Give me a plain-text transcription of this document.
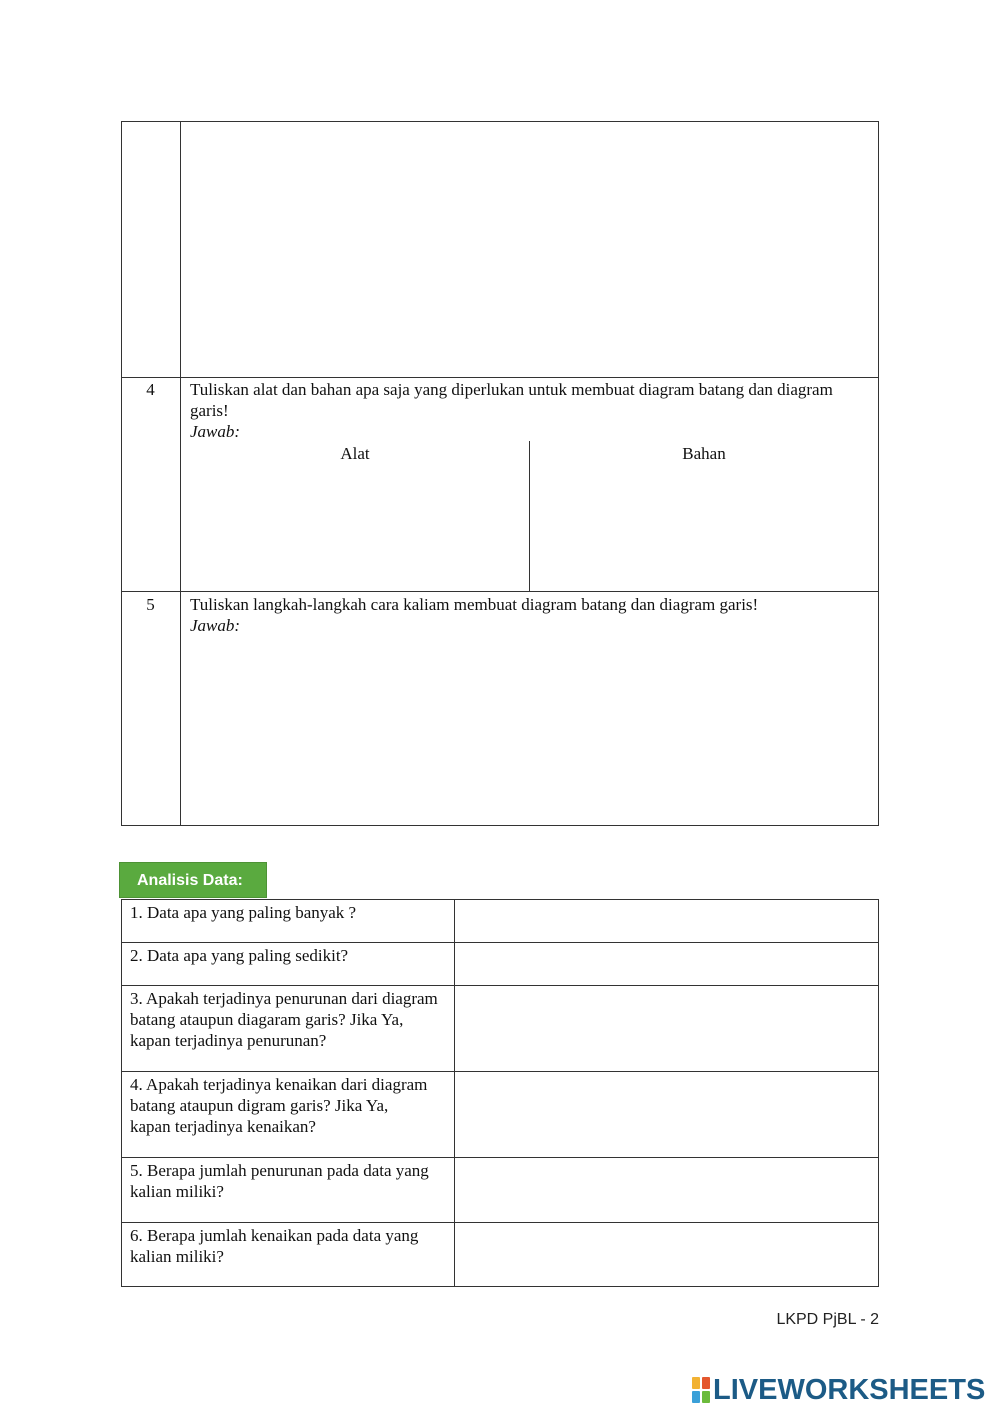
4	Tuliskan alat dan bahan apa saja yang diperlukan untuk membuat diagram batang dan diagram garis!
Jawab:
Alat	Bahan
5	Tuliskan langkah-langkah cara kaliam membuat diagram batang dan diagram garis!
Jawab:
Analisis Data:
1. Data apa yang paling banyak ?
2. Data apa yang paling sedikit?
3. Apakah terjadinya penurunan dari diagram batang ataupun diagaram garis? Jika Ya, kapan terjadinya penurunan?
4. Apakah terjadinya kenaikan dari diagram batang ataupun digram garis? Jika Ya, kapan terjadinya kenaikan?
5. Berapa jumlah penurunan pada data yang kalian miliki?
6. Berapa jumlah kenaikan pada data yang kalian miliki?
LKPD PjBL - 2
LIVEWORKSHEETS
